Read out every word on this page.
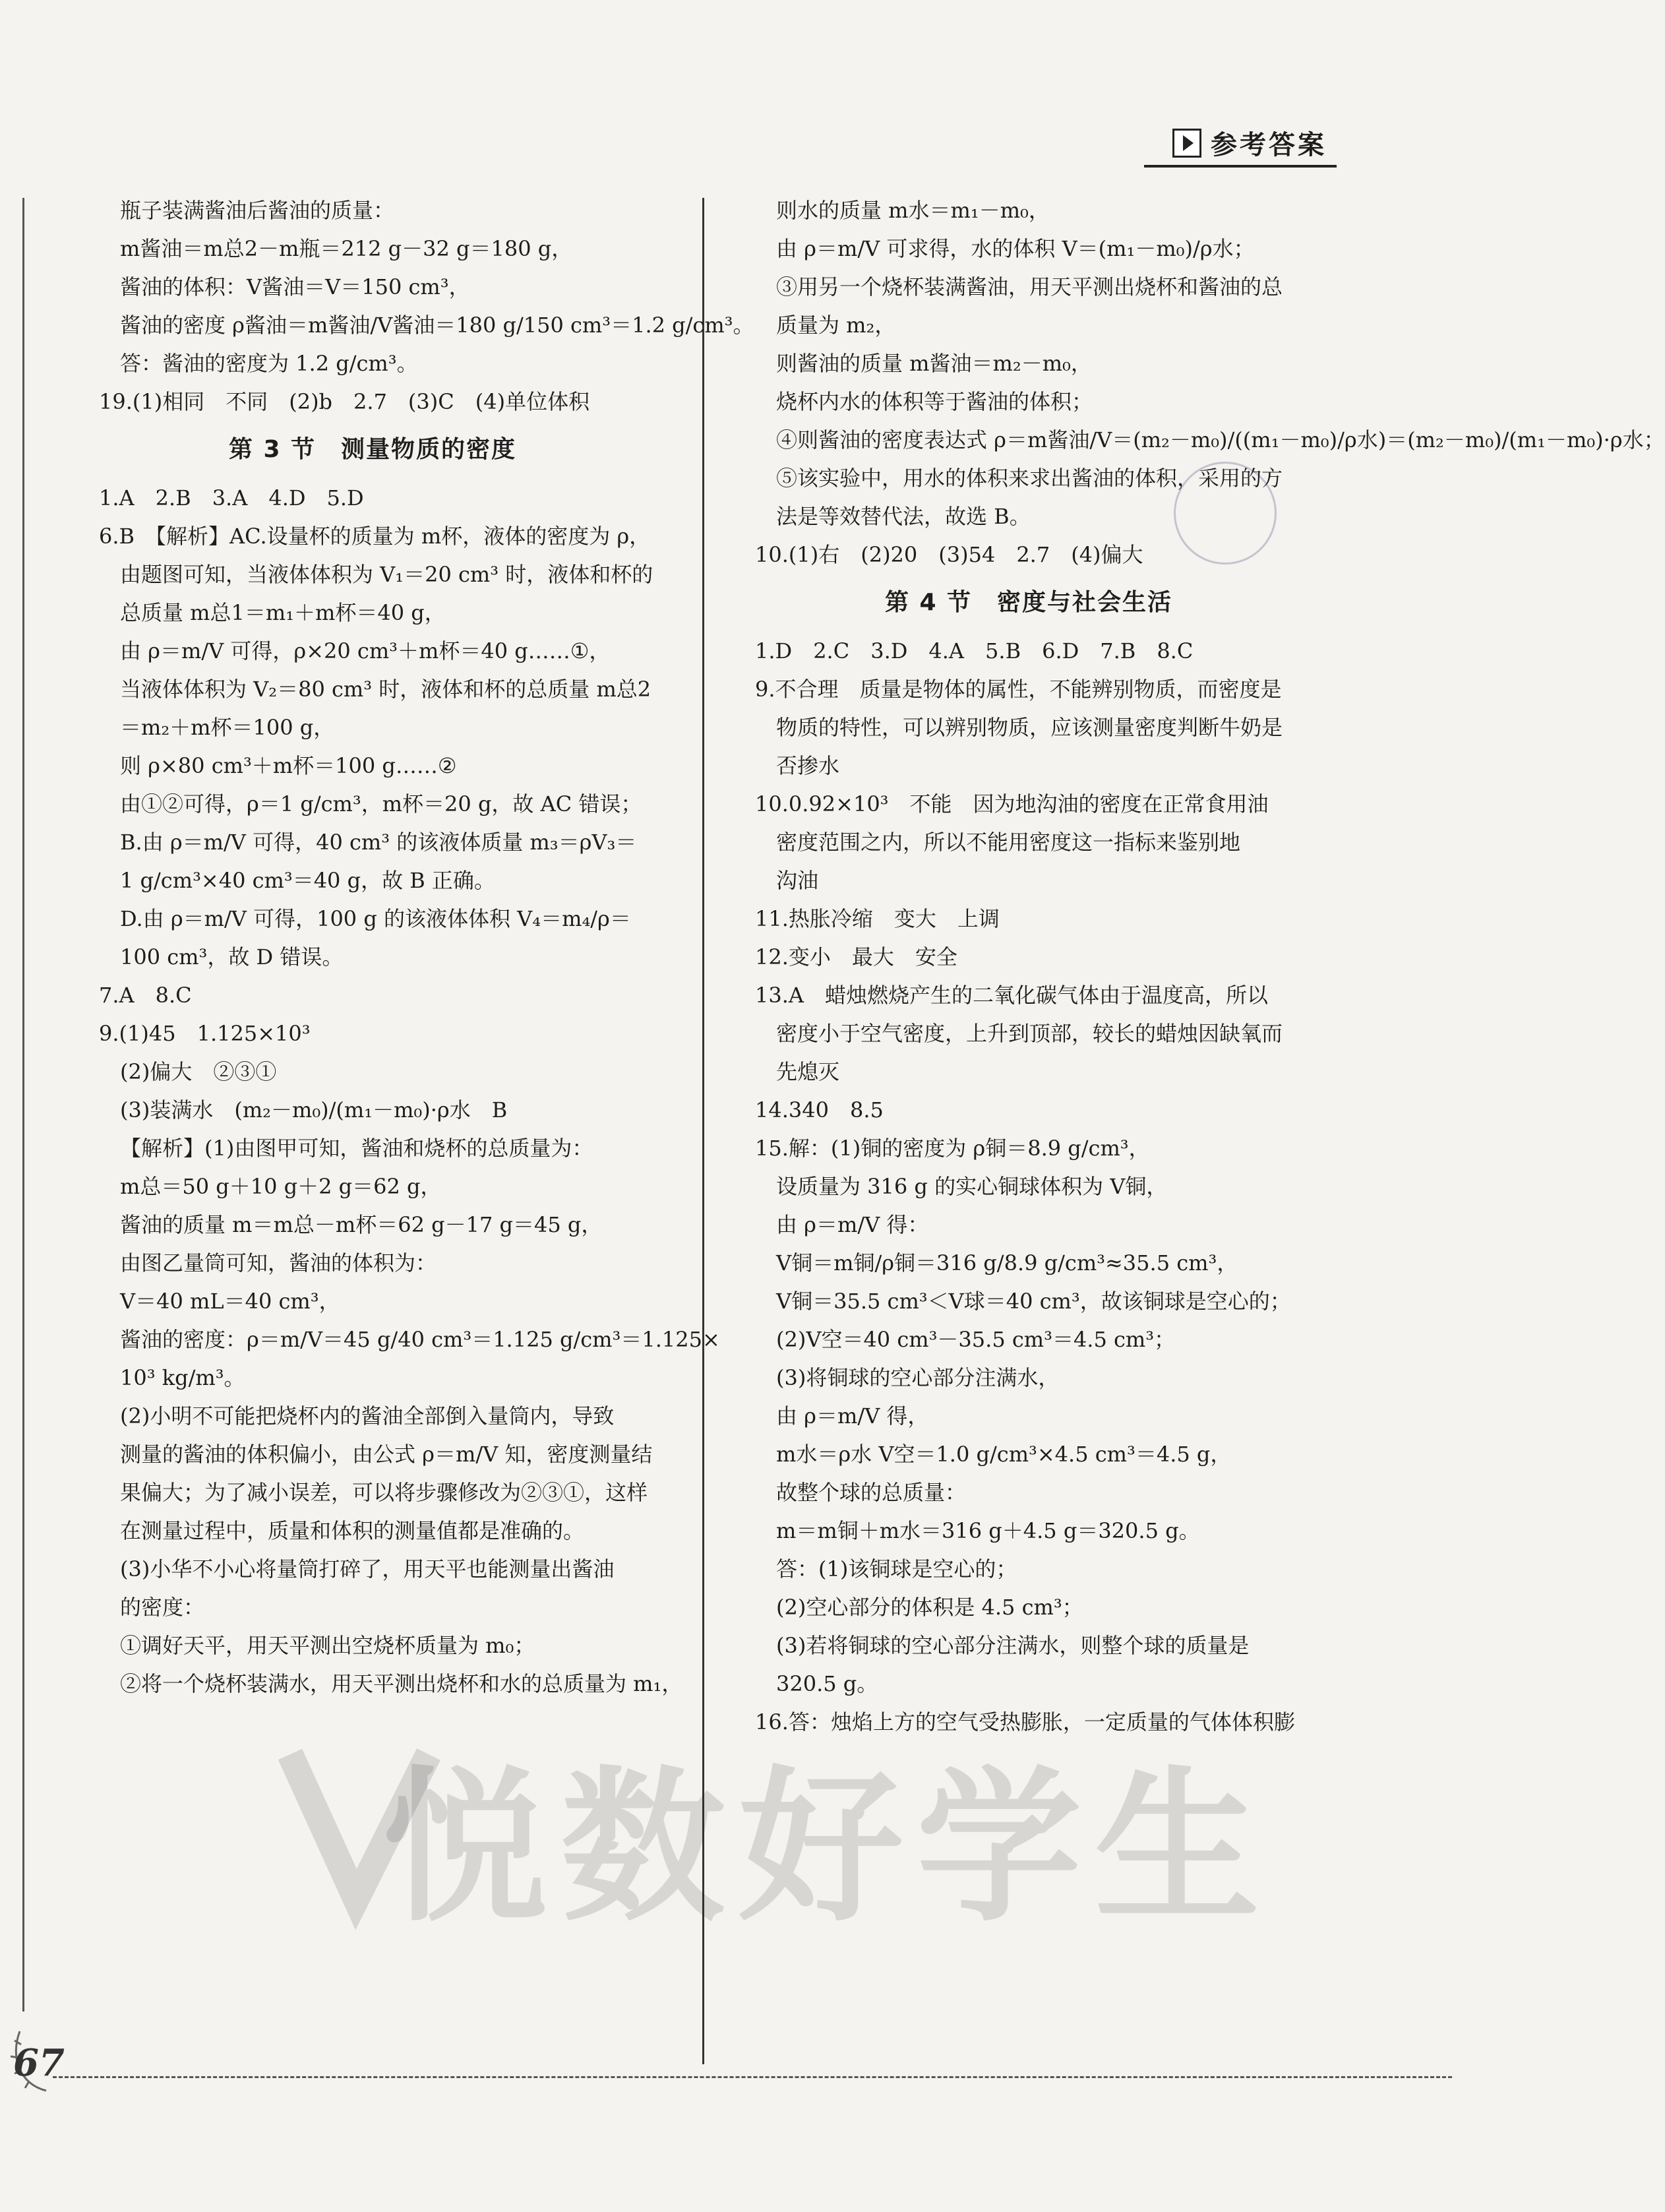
参考答案
悦数好学生
瓶子装满酱油后酱油的质量：
m酱油＝m总2－m瓶＝212 g－32 g＝180 g，
酱油的体积：V酱油＝V＝150 cm³，
酱油的密度 ρ酱油＝m酱油/V酱油＝180 g/150 cm³＝1.2 g/cm³。
答：酱油的密度为 1.2 g/cm³。
19.(1)相同　不同　(2)b　2.7　(3)C　(4)单位体积
第 3 节　测量物质的密度
1.A　2.B　3.A　4.D　5.D
6.B　【解析】AC.设量杯的质量为 m杯，液体的密度为 ρ，
由题图可知，当液体体积为 V₁＝20 cm³ 时，液体和杯的
总质量 m总1＝m₁＋m杯＝40 g，
由 ρ＝m/V 可得，ρ×20 cm³＋m杯＝40 g……①，
当液体体积为 V₂＝80 cm³ 时，液体和杯的总质量 m总2
＝m₂＋m杯＝100 g，
则 ρ×80 cm³＋m杯＝100 g……②
由①②可得，ρ＝1 g/cm³，m杯＝20 g，故 AC 错误；
B.由 ρ＝m/V 可得，40 cm³ 的该液体质量 m₃＝ρV₃＝
1 g/cm³×40 cm³＝40 g，故 B 正确。
D.由 ρ＝m/V 可得，100 g 的该液体体积 V₄＝m₄/ρ＝
100 cm³，故 D 错误。
7.A　8.C
9.(1)45　1.125×10³
(2)偏大　②③①
(3)装满水　(m₂－m₀)/(m₁－m₀)·ρ水　B
【解析】(1)由图甲可知，酱油和烧杯的总质量为：
m总＝50 g＋10 g＋2 g＝62 g，
酱油的质量 m＝m总－m杯＝62 g－17 g＝45 g，
由图乙量筒可知，酱油的体积为：
V＝40 mL＝40 cm³，
酱油的密度：ρ＝m/V＝45 g/40 cm³＝1.125 g/cm³＝1.125×
10³ kg/m³。
(2)小明不可能把烧杯内的酱油全部倒入量筒内，导致
测量的酱油的体积偏小，由公式 ρ＝m/V 知，密度测量结
果偏大；为了减小误差，可以将步骤修改为②③①，这样
在测量过程中，质量和体积的测量值都是准确的。
(3)小华不小心将量筒打碎了，用天平也能测量出酱油
的密度：
①调好天平，用天平测出空烧杯质量为 m₀；
②将一个烧杯装满水，用天平测出烧杯和水的总质量为 m₁，
则水的质量 m水＝m₁－m₀，
由 ρ＝m/V 可求得，水的体积 V＝(m₁－m₀)/ρ水；
③用另一个烧杯装满酱油，用天平测出烧杯和酱油的总
质量为 m₂，
则酱油的质量 m酱油＝m₂－m₀，
烧杯内水的体积等于酱油的体积；
④则酱油的密度表达式 ρ＝m酱油/V＝(m₂－m₀)/((m₁－m₀)/ρ水)＝(m₂－m₀)/(m₁－m₀)·ρ水；
⑤该实验中，用水的体积来求出酱油的体积，采用的方
法是等效替代法，故选 B。
10.(1)右　(2)20　(3)54　2.7　(4)偏大
第 4 节　密度与社会生活
1.D　2.C　3.D　4.A　5.B　6.D　7.B　8.C
9.不合理　质量是物体的属性，不能辨别物质，而密度是
物质的特性，可以辨别物质，应该测量密度判断牛奶是
否掺水
10.0.92×10³　不能　因为地沟油的密度在正常食用油
密度范围之内，所以不能用密度这一指标来鉴别地
沟油
11.热胀冷缩　变大　上调
12.变小　最大　安全
13.A　蜡烛燃烧产生的二氧化碳气体由于温度高，所以
密度小于空气密度，上升到顶部，较长的蜡烛因缺氧而
先熄灭
14.340　8.5
15.解：(1)铜的密度为 ρ铜＝8.9 g/cm³，
设质量为 316 g 的实心铜球体积为 V铜，
由 ρ＝m/V 得：
V铜＝m铜/ρ铜＝316 g/8.9 g/cm³≈35.5 cm³，
V铜＝35.5 cm³＜V球＝40 cm³，故该铜球是空心的；
(2)V空＝40 cm³－35.5 cm³＝4.5 cm³；
(3)将铜球的空心部分注满水，
由 ρ＝m/V 得，
m水＝ρ水 V空＝1.0 g/cm³×4.5 cm³＝4.5 g，
故整个球的总质量：
m＝m铜＋m水＝316 g＋4.5 g＝320.5 g。
答：(1)该铜球是空心的；
(2)空心部分的体积是 4.5 cm³；
(3)若将铜球的空心部分注满水，则整个球的质量是
320.5 g。
16.答：烛焰上方的空气受热膨胀，一定质量的气体体积膨
67
